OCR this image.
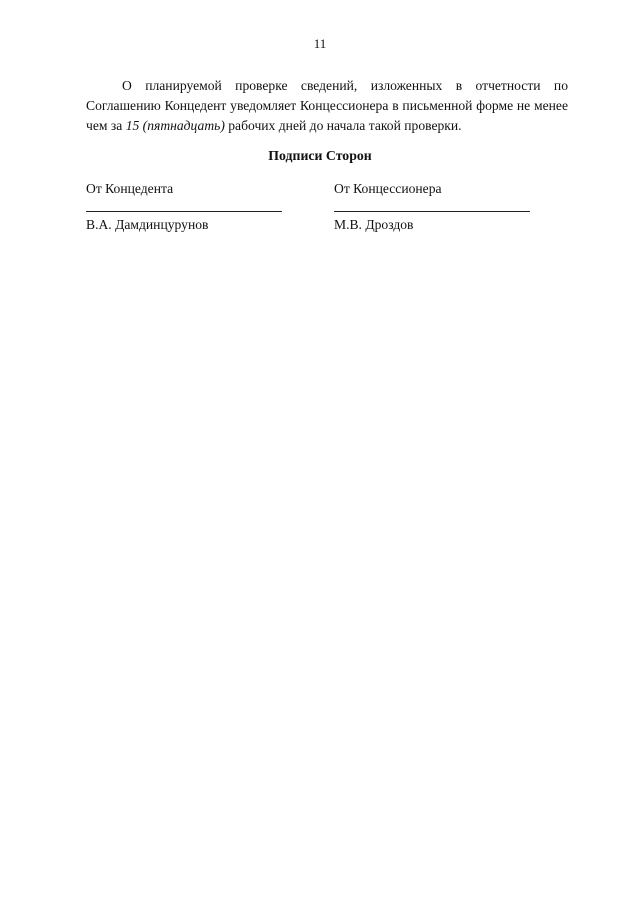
11

О планируемой проверке сведений, изложенных в отчетности по Соглашению Концедент уведомляет Концессионера в письменной форме не менее чем за 15 (пятнадцать) рабочих дней до начала такой проверки.

Подписи Сторон
От Концедента
В.А. Дамдинцурунов
От Концессионера
М.В. Дроздов
